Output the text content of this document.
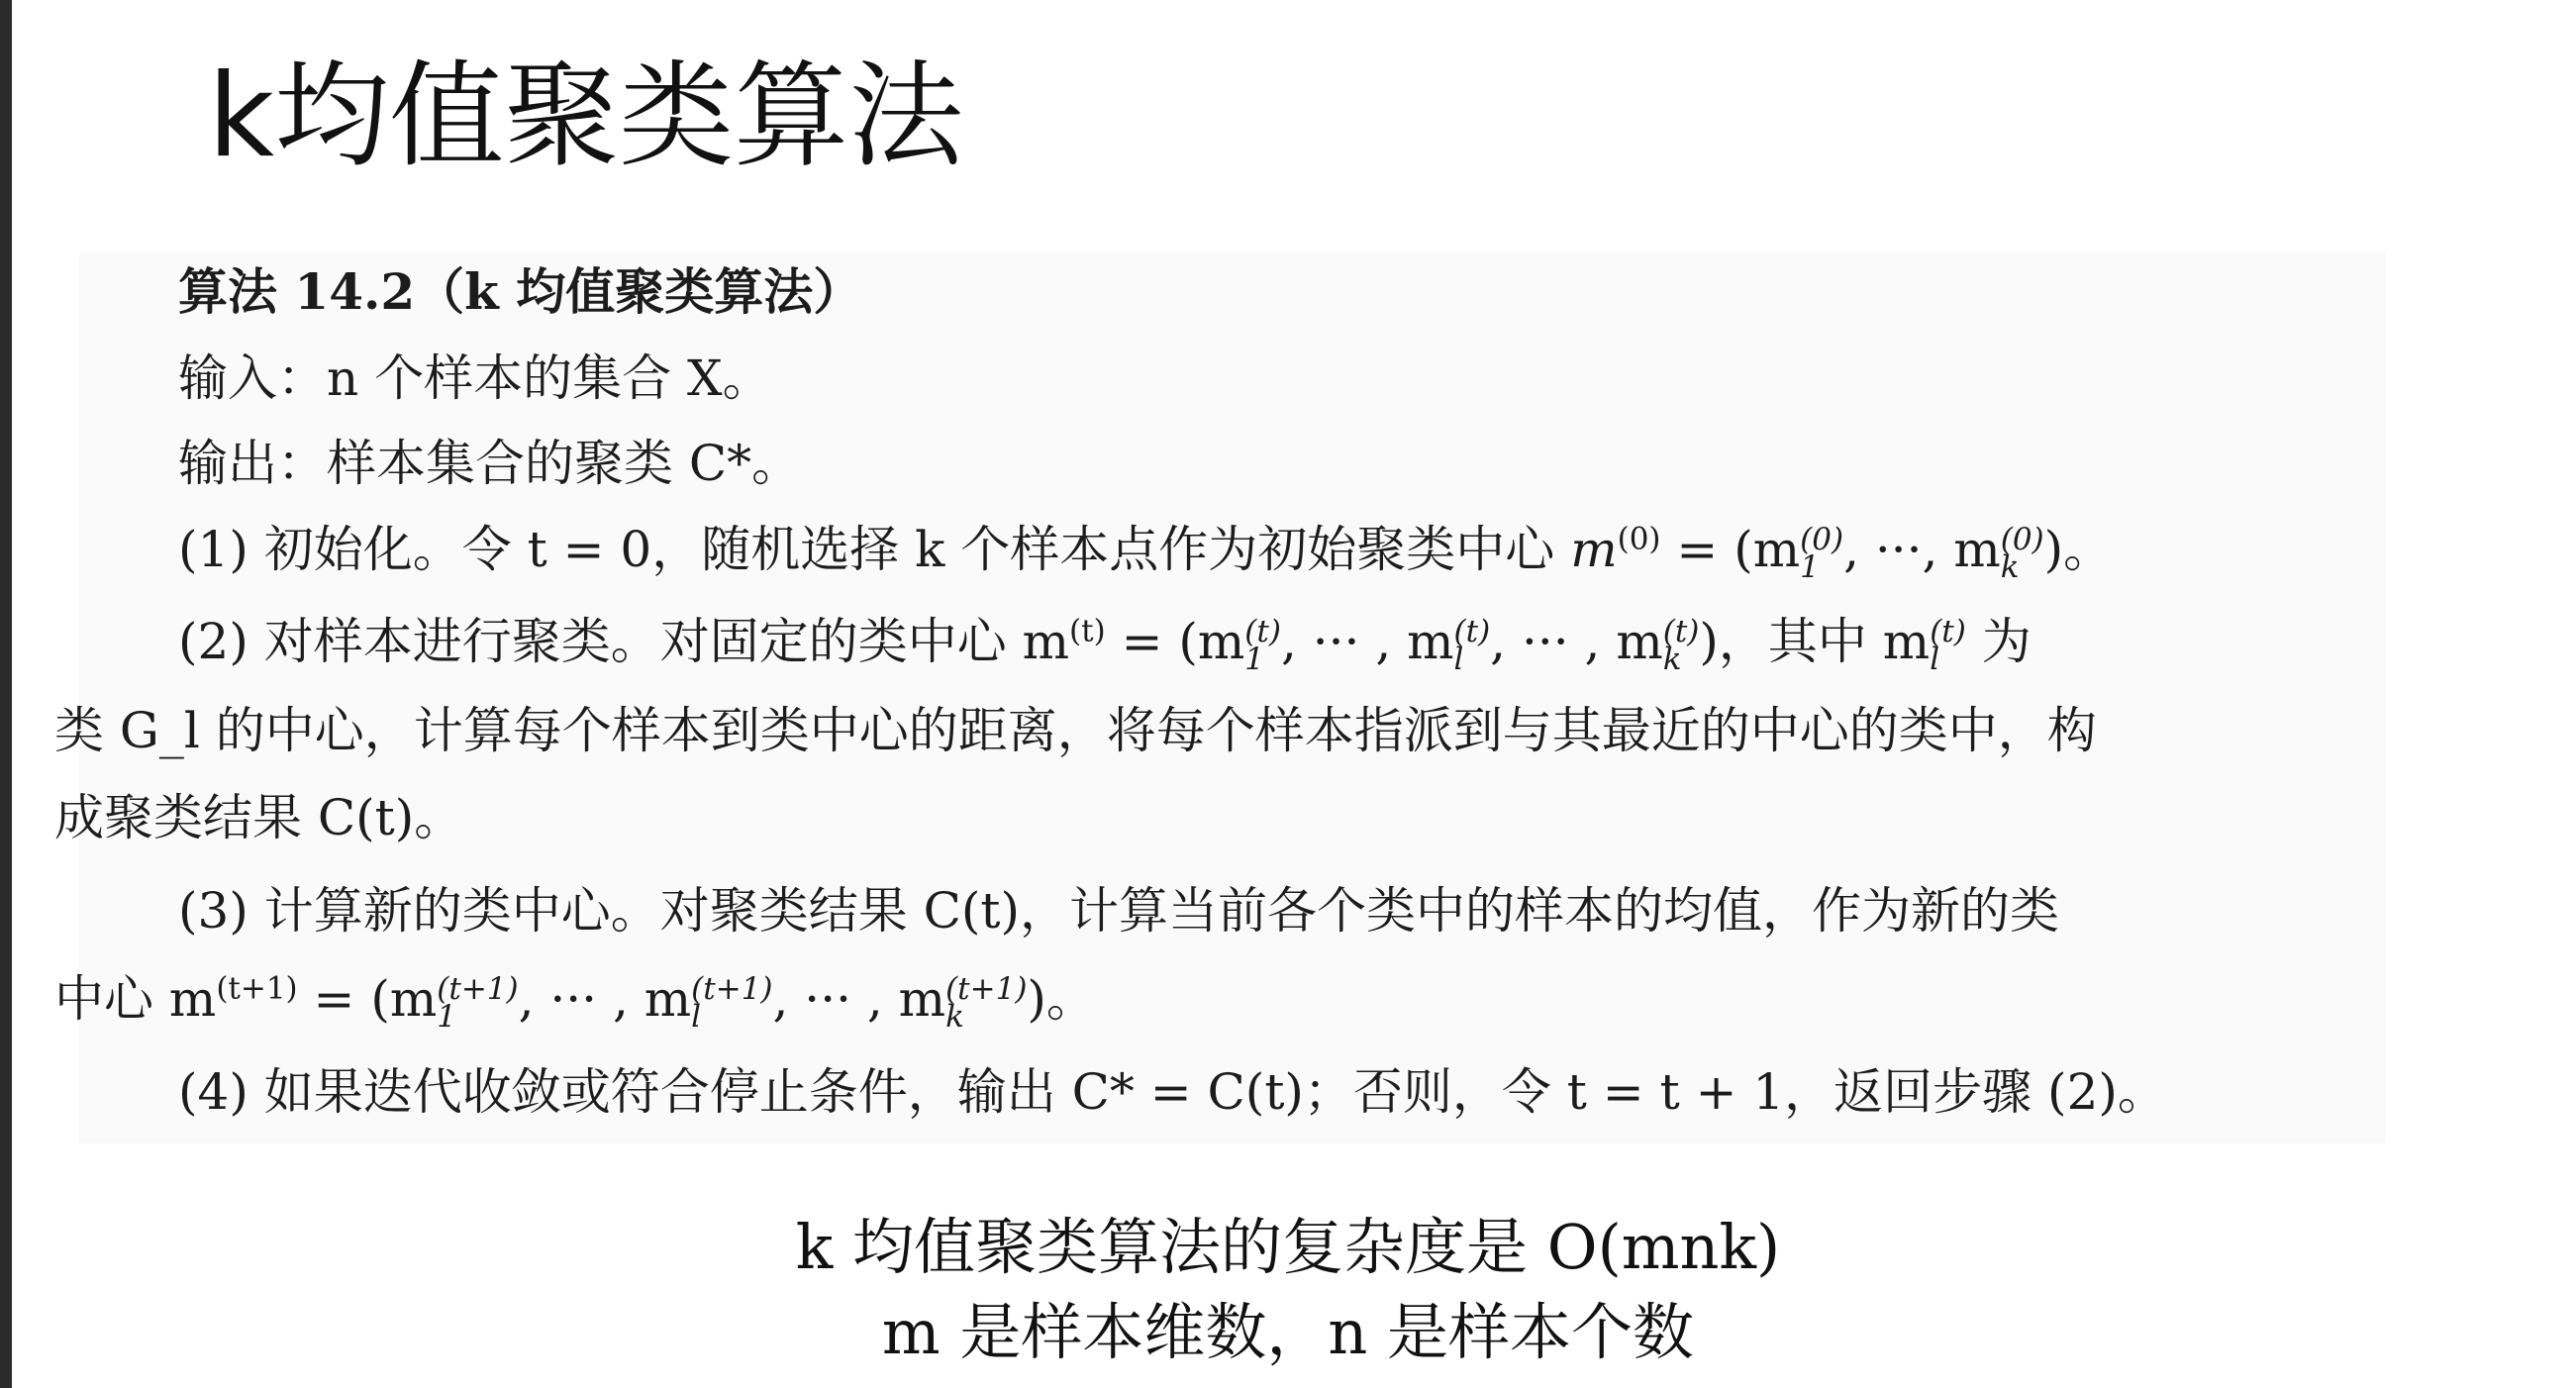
k均值聚类算法
算法 14.2（k 均值聚类算法）
输入：n 个样本的集合 X。
输出：样本集合的聚类 C*。
(1) 初始化。令 t = 0，随机选择 k 个样本点作为初始聚类中心 $m^{(0)} = (m$ (0)
1 , ···, m (0)
k )。
(2) 对样本进行聚类。对固定的类中心 $m^{(t)} = (m$ (t)
1 , ··· , m (t)
l , ··· , m (t)
k )，其中 m (t)
l 为
类 G_l 的中心，计算每个样本到类中心的距离，将每个样本指派到与其最近的中心的类中，构
成聚类结果 C(t)。
(3) 计算新的类中心。对聚类结果 C(t)，计算当前各个类中的样本的均值，作为新的类
中心 $m^{(t+1)} = (m$ (t+1)
1	, ··· , m (t+1)
l	, ··· , m (t+1)
k	)。
(4) 如果迭代收敛或符合停止条件，输出 C* = C(t)；否则，令 t = t + 1，返回步骤 (2)。
k 均值聚类算法的复杂度是 O(mnk)
m 是样本维数，n 是样本个数
